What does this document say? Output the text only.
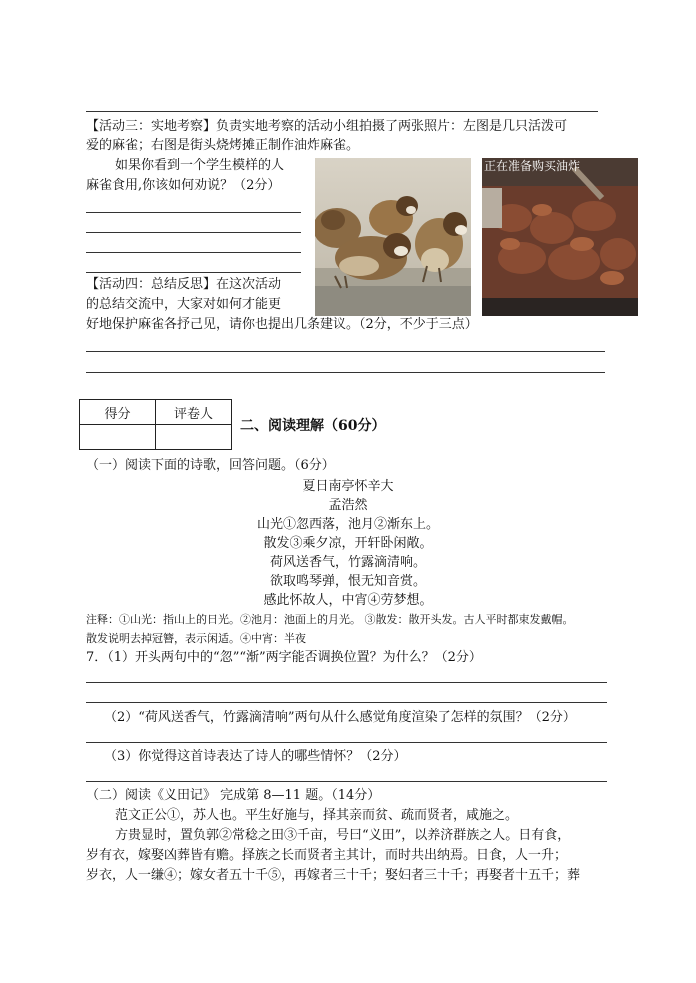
【活动三：实地考察】负责实地考察的活动小组拍摄了两张照片：左图是几只活泼可
爱的麻雀；右图是街头烧烤摊正制作油炸麻雀。
如果你看到一个学生模样的人
麻雀食用,你该如何劝说？（2分）
正在准备购买油炸
【活动四：总结反思】在这次活动
的总结交流中，大家对如何才能更
好地保护麻雀各抒己见，请你也提出几条建议。（2分，不少于三点）
得分	评卷人

二、阅读理解（60分）
（一）阅读下面的诗歌，回答问题。（6分）
夏日南亭怀辛大
孟浩然
山光①忽西落，池月②渐东上。
散发③乘夕凉，开轩卧闲敞。
荷风送香气，竹露滴清响。
欲取鸣琴弹，恨无知音赏。
感此怀故人，中宵④劳梦想。
注释：①山光：指山上的日光。②池月：池面上的月光。 ③散发：散开头发。古人平时都束发戴帽。
散发说明去掉冠簪，表示闲适。④中宵：半夜
7．（1）开头两句中的“忽”“渐”两字能否调换位置？为什么？（2分）
（2）“荷风送香气，竹露滴清响”两句从什么感觉角度渲染了怎样的氛围？（2分）
（3）你觉得这首诗表达了诗人的哪些情怀？（2分）
（二）阅读《义田记》 完成第 8—11 题。（14分）
范文正公①，苏人也。平生好施与，择其亲而贫、疏而贤者，咸施之。
方贵显时，置负郭②常稔之田③千亩，号曰“义田”，以养济群族之人。日有食，
岁有衣，嫁娶凶葬皆有赡。择族之长而贤者主其计，而时共出纳焉。日食，人一升；
岁衣，人一缣④；嫁女者五十千⑤，再嫁者三十千；娶妇者三十千；再娶者十五千；葬
